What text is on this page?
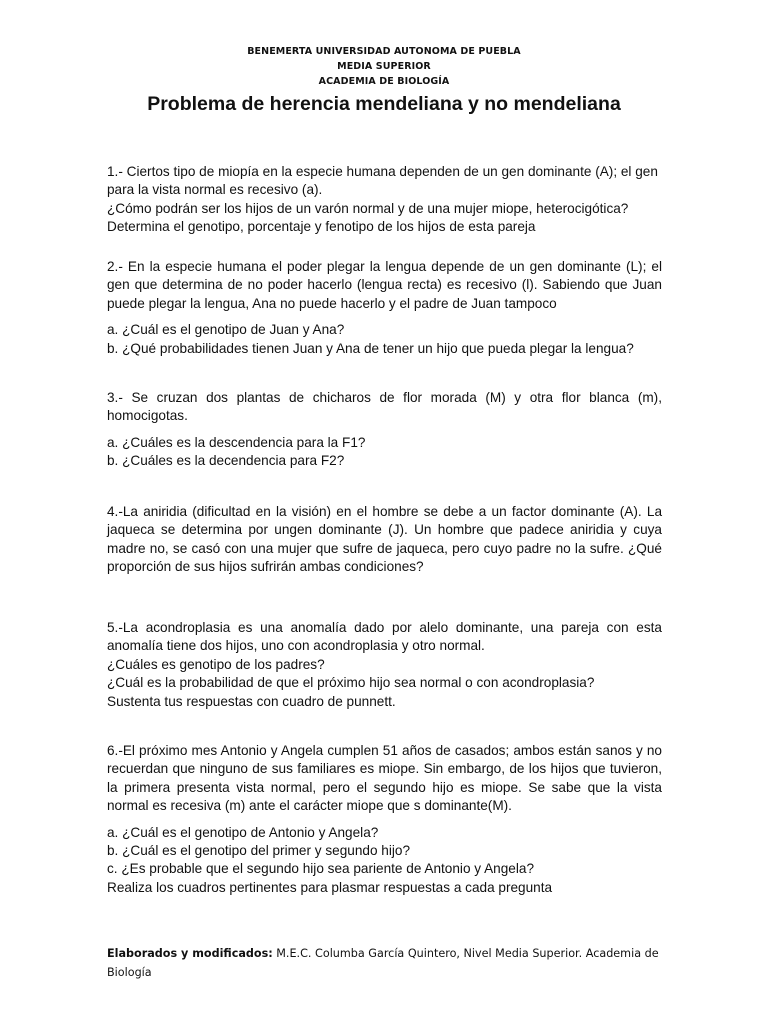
BENEMERTA UNIVERSIDAD AUTONOMA DE PUEBLA
MEDIA SUPERIOR
ACADEMIA DE BIOLOGÍA
Problema de herencia mendeliana y no mendeliana
1.- Ciertos tipo de miopía en la especie humana dependen de un gen dominante (A); el gen
para la vista normal es recesivo (a).
¿Cómo podrán ser los hijos de un varón normal y de una mujer miope, heterocigótica?
Determina el genotipo, porcentaje y fenotipo de los hijos de esta pareja
2.- En la especie humana el poder plegar la lengua depende de un gen dominante (L); el gen que determina de no poder hacerlo (lengua recta) es recesivo (l). Sabiendo que Juan puede plegar la lengua, Ana no puede hacerlo y el padre de Juan tampoco
a. ¿Cuál es el genotipo de Juan y Ana?
b. ¿Qué probabilidades tienen Juan y Ana de tener un hijo que pueda plegar la lengua?
3.- Se cruzan dos plantas de chicharos de flor morada (M) y otra flor blanca (m), homocigotas.
a. ¿Cuáles es la descendencia para la F1?
b. ¿Cuáles es la decendencia para F2?
4.-La aniridia (dificultad en la visión) en el hombre se debe a un factor dominante (A). La jaqueca se determina por ungen dominante (J). Un hombre que padece aniridia y cuya madre no, se casó con una mujer que sufre de jaqueca, pero cuyo padre no la sufre. ¿Qué proporción de sus hijos sufrirán ambas condiciones?
5.-La acondroplasia es una anomalía dado por alelo dominante, una pareja con esta anomalía tiene dos hijos, uno con acondroplasia y otro normal.
¿Cuáles es genotipo de los padres?
¿Cuál es la probabilidad de que el próximo hijo sea normal o con acondroplasia?
Sustenta tus respuestas con cuadro de punnett.
6.-El próximo mes Antonio y Angela cumplen 51 años de casados; ambos están sanos y no recuerdan que ninguno de sus familiares es miope. Sin embargo, de los hijos que tuvieron, la primera presenta vista normal, pero el segundo hijo es miope. Se sabe que la vista normal es recesiva (m) ante el carácter miope que s dominante(M).
a. ¿Cuál es el genotipo de Antonio y Angela?
b. ¿Cuál es el genotipo del primer y segundo hijo?
c. ¿Es probable que el segundo hijo sea pariente de Antonio y Angela?
Realiza los cuadros pertinentes para plasmar respuestas a cada pregunta
Elaborados y modificados: M.E.C. Columba García Quintero, Nivel Media Superior. Academia de Biología
